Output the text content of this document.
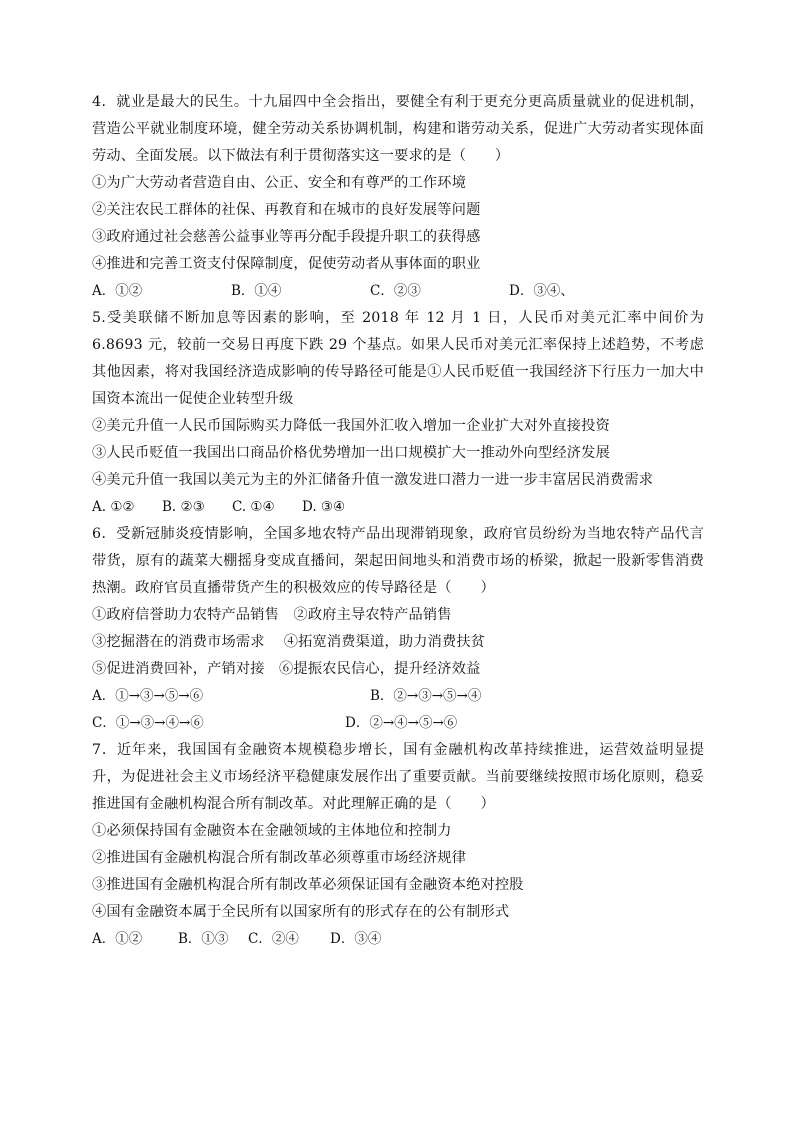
4．就业是最大的民生。十九届四中全会指出，要健全有利于更充分更高质量就业的促进机制，营造公平就业制度环境，健全劳动关系协调机制，构建和谐劳动关系，促进广大劳动者实现体面劳动、全面发展。以下做法有利于贯彻落实这一要求的是（　　）

①为广大劳动者营造自由、公正、安全和有尊严的工作环境

②关注农民工群体的社保、再教育和在城市的良好发展等问题

③政府通过社会慈善公益事业等再分配手段提升职工的获得感

④推进和完善工资支付保障制度，促使劳动者从事体面的职业

A．①②	B．①④	C．②③	D．③④、

5.受美联储不断加息等因素的影响，至 2018 年 12 月 1 日，人民币对美元汇率中间价为 6.8693 元，较前一交易日再度下跌 29 个基点。如果人民币对美元汇率保持上述趋势，不考虑其他因素，将对我国经济造成影响的传导路径可能是①人民币贬值一我国经济下行压力一加大中国资本流出一促使企业转型升级

②美元升值一人民币国际购买力降低一我国外汇收入增加一企业扩大对外直接投资

③人民币贬值一我国出口商品价格优势增加一出口规模扩大一推动外向型经济发展

④美元升值一我国以美元为主的外汇储备升值一激发进口潜力一进一步丰富居民消费需求

A. ①② B. ②③ C. ①④ D. ③④

6．受新冠肺炎疫情影响，全国多地农特产品出现滞销现象，政府官员纷纷为当地农特产品代言带货，原有的蔬菜大棚摇身变成直播间，架起田间地头和消费市场的桥梁，掀起一股新零售消费热潮。政府官员直播带货产生的积极效应的传导路径是（　　）

①政府信誉助力农特产品销售　②政府主导农特产品销售

③挖掘潜在的消费市场需求　 ④拓宽消费渠道，助力消费扶贫

⑤促进消费回补，产销对接　⑥提振农民信心，提升经济效益

A．①→③→⑤→⑥	B．②→③→⑤→④
C．①→③→④→⑥	D．②→④→⑤→⑥

7．近年来，我国国有金融资本规模稳步增长，国有金融机构改革持续推进，运营效益明显提升，为促进社会主义市场经济平稳健康发展作出了重要贡献。当前要继续按照市场化原则，稳妥推进国有金融机构混合所有制改革。对此理解正确的是（　　）

①必须保持国有金融资本在金融领域的主体地位和控制力

②推进国有金融机构混合所有制改革必须尊重市场经济规律

③推进国有金融机构混合所有制改革必须保证国有金融资本绝对控股

④国有金融资本属于全民所有以国家所有的形式存在的公有制形式

A．①②	B．①③ C．②④ D．③④
